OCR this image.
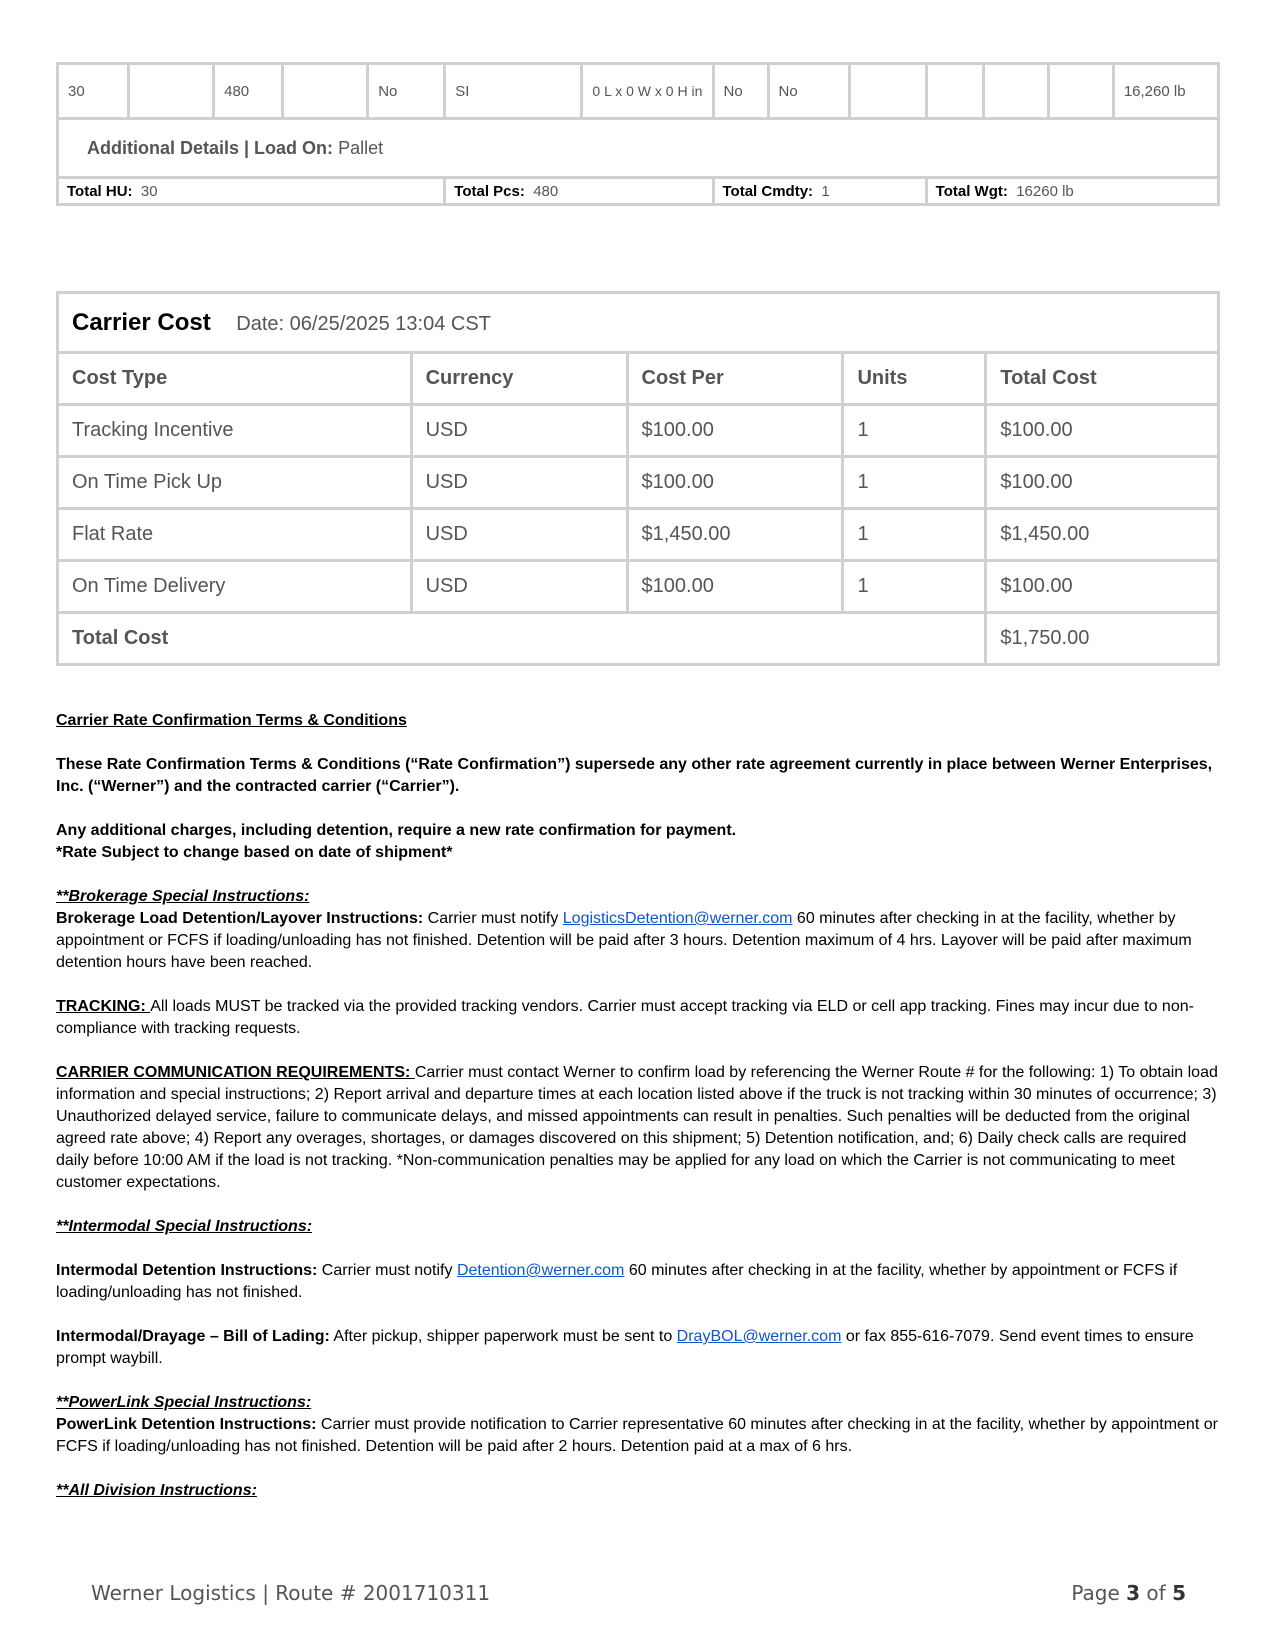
30		480		No	SI	0 L x 0 W x 0 H in	No	No					16,260 lb
Additional Details | Load On: Pallet													
Total HU: 30					Total Pcs: 480		Total Cmdty: 1			Total Wgt: 16260 lb			
Carrier Cost Date: 06/25/2025 13:04 CST				
Cost Type	Currency	Cost Per	Units	Total Cost
Tracking Incentive	USD	$100.00	1	$100.00
On Time Pick Up	USD	$100.00	1	$100.00
Flat Rate	USD	$1,450.00	1	$1,450.00
On Time Delivery	USD	$100.00	1	$100.00
Total Cost				$1,750.00

Carrier Rate Confirmation Terms & Conditions

These Rate Confirmation Terms & Conditions (“Rate Confirmation”) supersede any other rate agreement currently in place between Werner Enterprises, Inc. (“Werner”) and the contracted carrier (“Carrier”).

Any additional charges, including detention, require a new rate confirmation for payment.

*Rate Subject to change based on date of shipment*

**Brokerage Special Instructions:

Brokerage Load Detention/Layover Instructions: Carrier must notify LogisticsDetention@werner.com 60 minutes after checking in at the facility, whether by appointment or FCFS if loading/unloading has not finished. Detention will be paid after 3 hours. Detention maximum of 4 hrs. Layover will be paid after maximum detention hours have been reached.

TRACKING: All loads MUST be tracked via the provided tracking vendors. Carrier must accept tracking via ELD or cell app tracking. Fines may incur due to non-compliance with tracking requests.

CARRIER COMMUNICATION REQUIREMENTS: Carrier must contact Werner to confirm load by referencing the Werner Route # for the following: 1) To obtain load information and special instructions; 2) Report arrival and departure times at each location listed above if the truck is not tracking within 30 minutes of occurrence; 3) Unauthorized delayed service, failure to communicate delays, and missed appointments can result in penalties. Such penalties will be deducted from the original agreed rate above; 4) Report any overages, shortages, or damages discovered on this shipment; 5) Detention notification, and; 6) Daily check calls are required daily before 10:00 AM if the load is not tracking. *Non-communication penalties may be applied for any load on which the Carrier is not communicating to meet customer expectations.

**Intermodal Special Instructions:

Intermodal Detention Instructions: Carrier must notify Detention@werner.com 60 minutes after checking in at the facility, whether by appointment or FCFS if loading/unloading has not finished.

Intermodal/Drayage – Bill of Lading: After pickup, shipper paperwork must be sent to DrayBOL@werner.com or fax 855-616-7079. Send event times to ensure prompt waybill.

**PowerLink Special Instructions:

PowerLink Detention Instructions: Carrier must provide notification to Carrier representative 60 minutes after checking in at the facility, whether by appointment or FCFS if loading/unloading has not finished. Detention will be paid after 2 hours. Detention paid at a max of 6 hrs.

**All Division Instructions:

Werner Logistics | Route # 2001710311	Page 3 of 5
